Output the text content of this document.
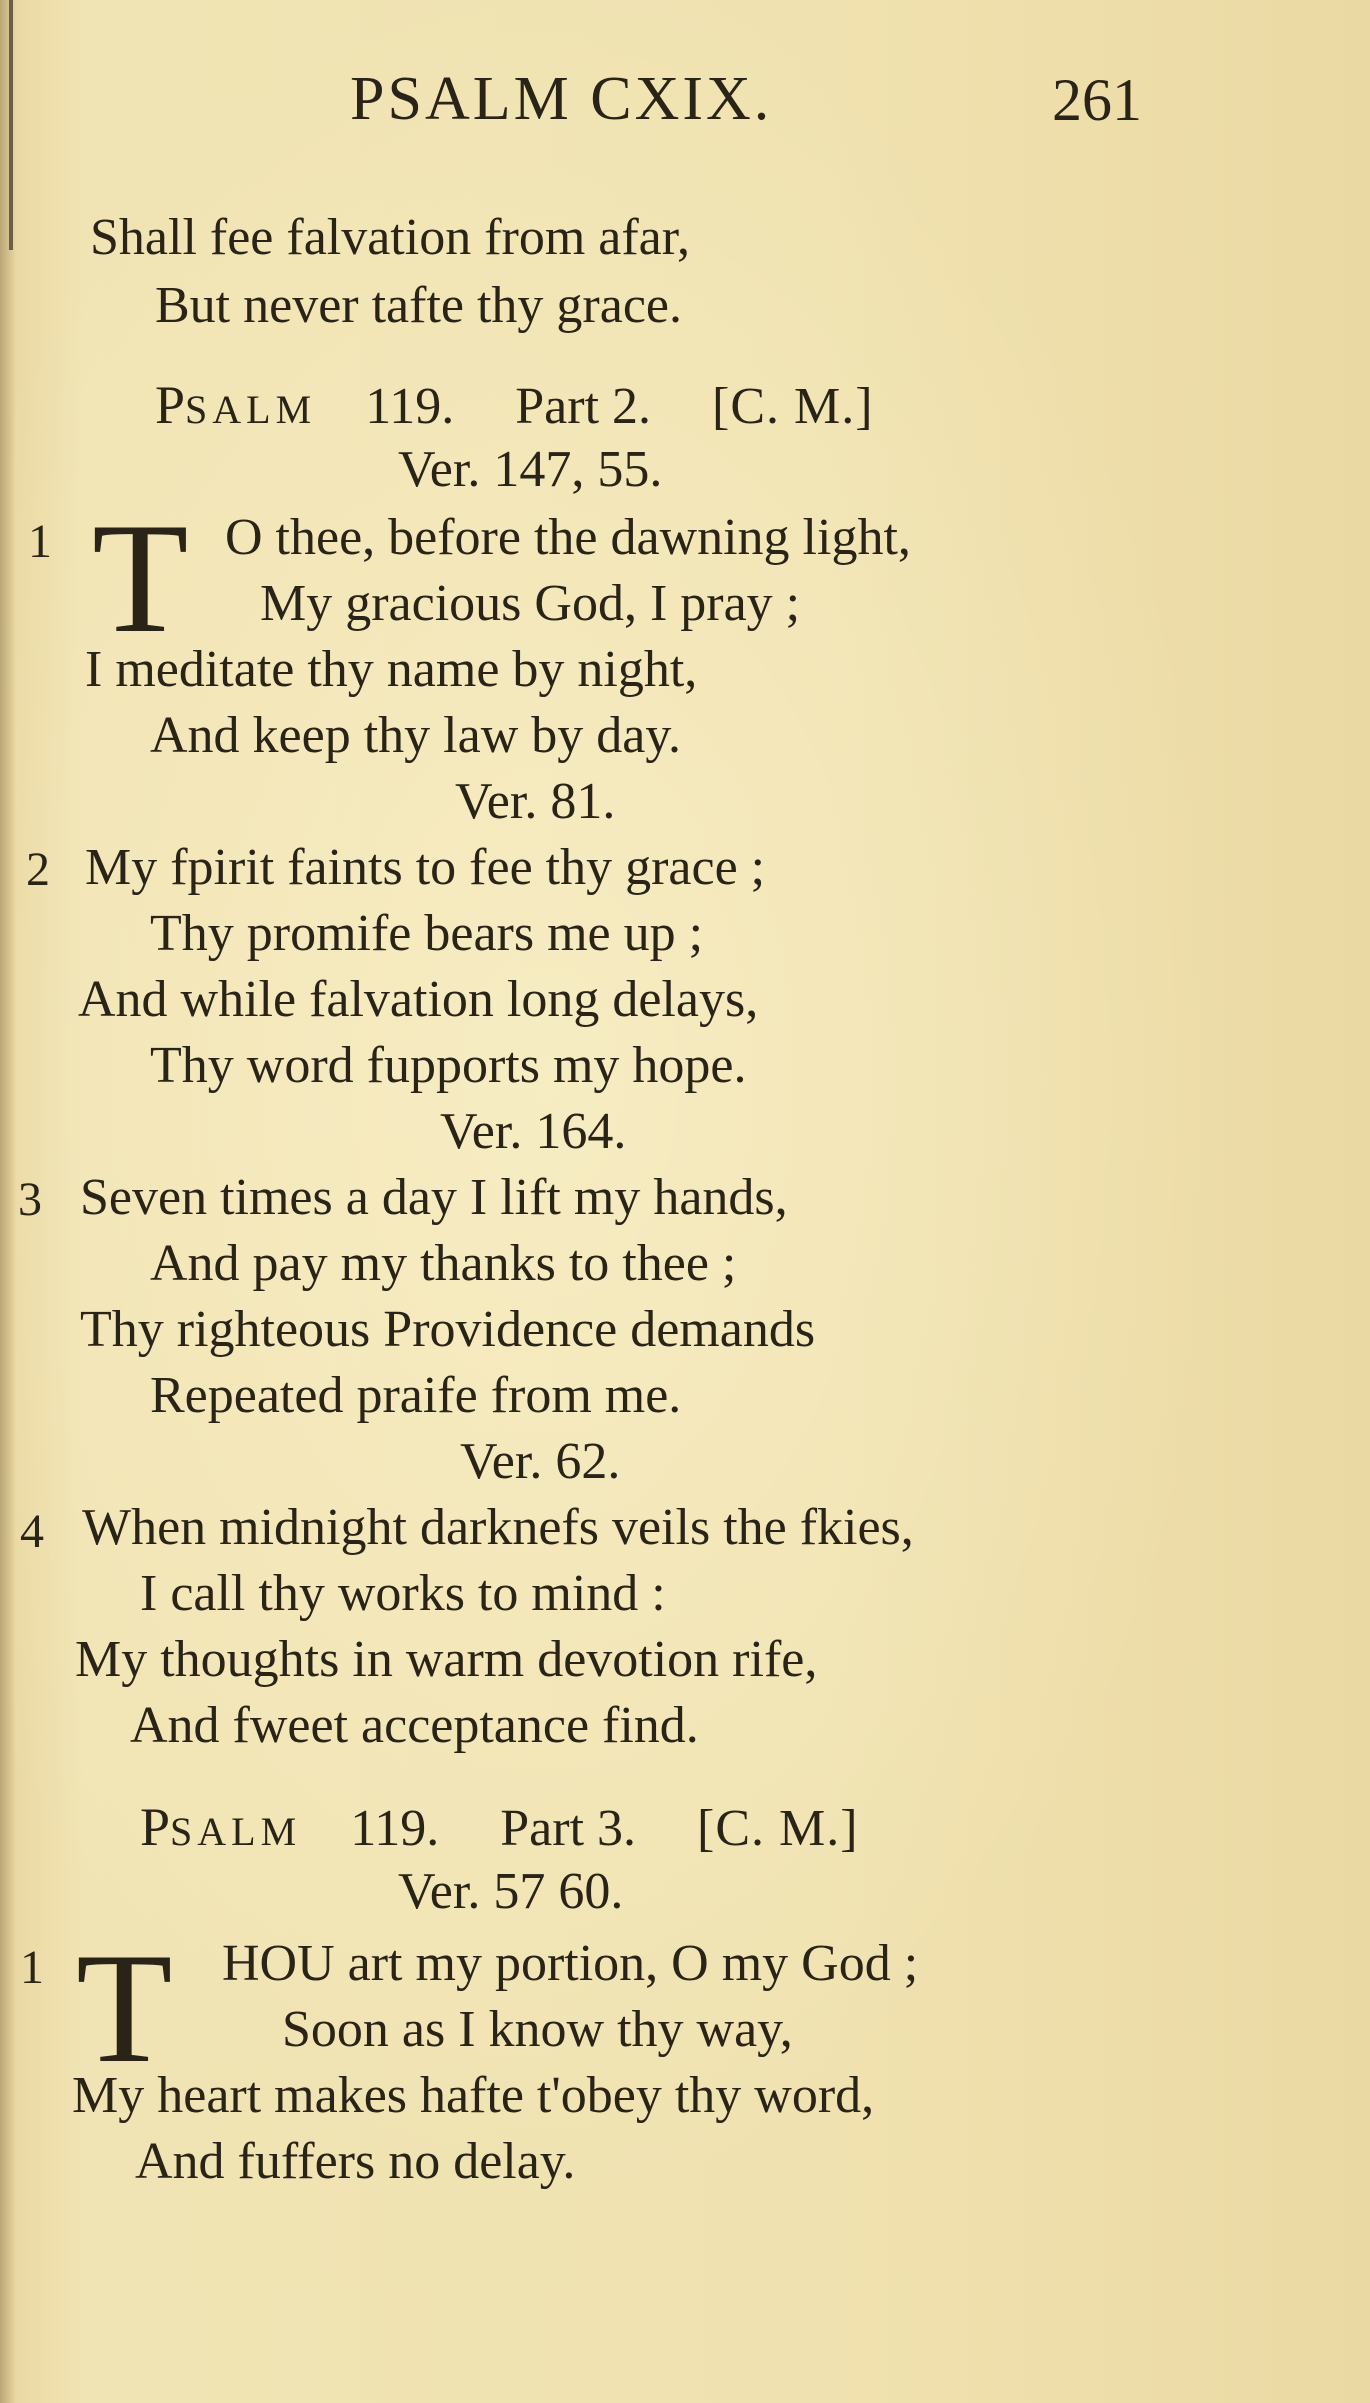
PSALM CXIX.	261
Shall fee falvation from afar,
But never tafte thy grace.
PSALM 119. Part 2. [C. M.]
Ver. 147, 55.
1 T O thee, before the dawning light,
My gracious God, I pray ;
I meditate thy name by night,
And keep thy law by day.
Ver. 81.
2 My fpirit faints to fee thy grace ;
Thy promife bears me up ;
And while falvation long delays,
Thy word fupports my hope.
Ver. 164.
3 Seven times a day I lift my hands,
And pay my thanks to thee ;
Thy righteous Providence demands
Repeated praife from me.
Ver. 62.
4 When midnight darknefs veils the fkies,
I call thy works to mind :
My thoughts in warm devotion rife,
And fweet acceptance find.
PSALM 119. Part 3. [C. M.]
Ver. 57 60.
1 T HOU art my portion, O my God ;
Soon as I know thy way,
My heart makes hafte t'obey thy word,
And fuffers no delay.
